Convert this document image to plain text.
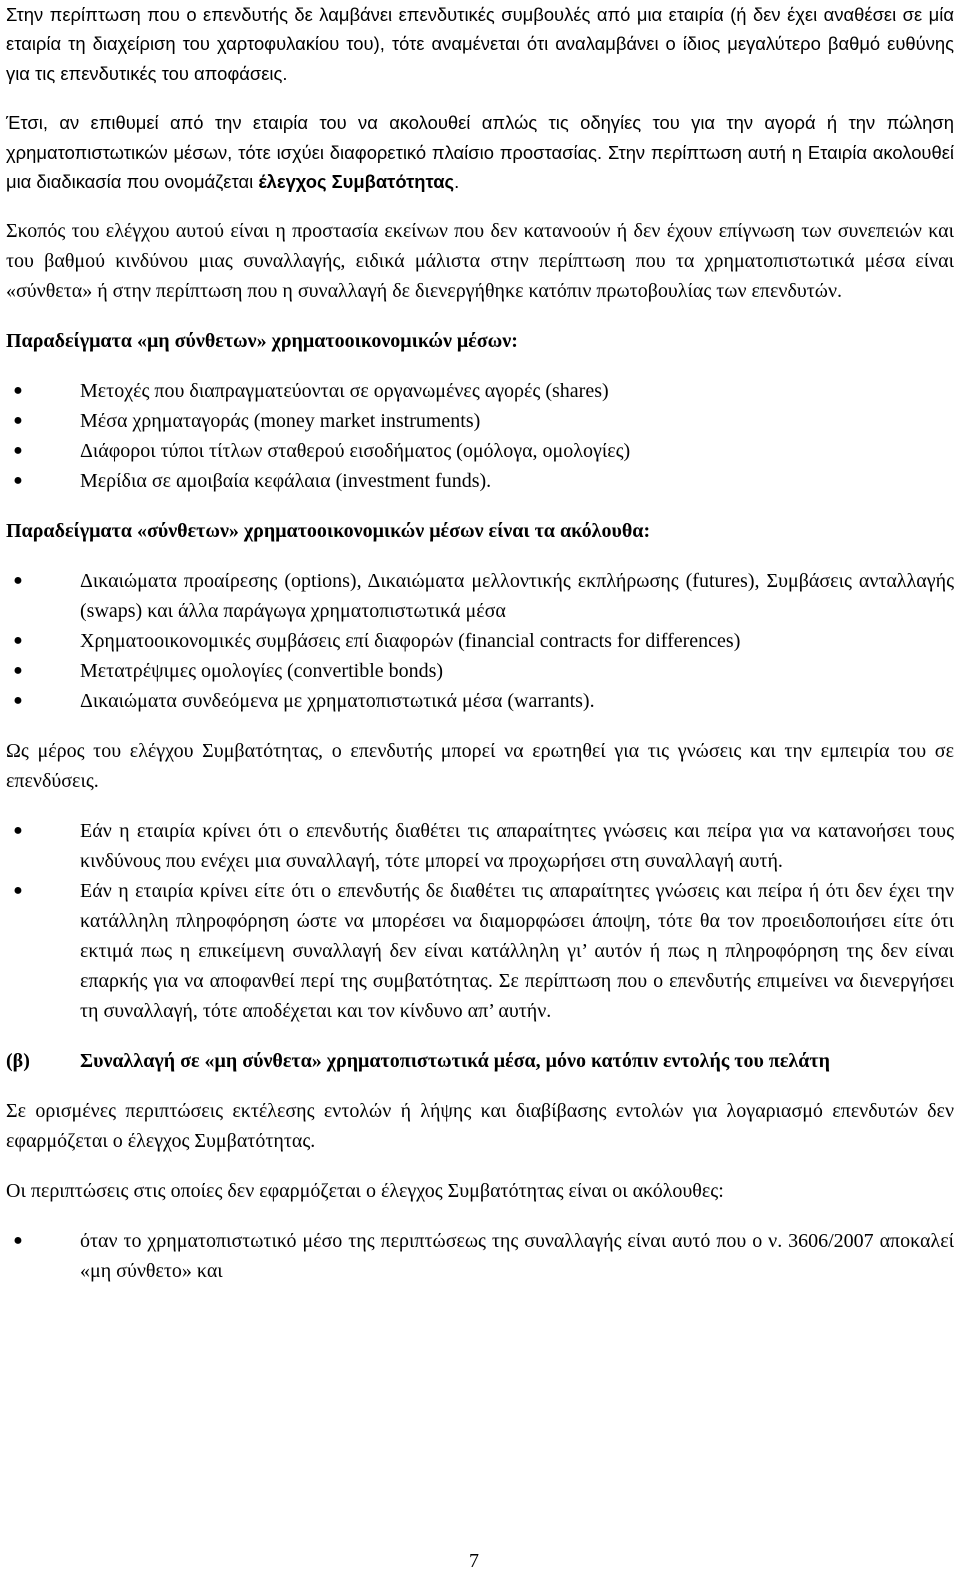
Στην περίπτωση που ο επενδυτής δε λαμβάνει επενδυτικές συμβουλές από μια εταιρία (ή δεν έχει αναθέσει σε μία εταιρία τη διαχείριση του χαρτοφυλακίου του), τότε αναμένεται ότι αναλαμβάνει ο ίδιος μεγαλύτερο βαθμό ευθύνης για τις επενδυτικές του αποφάσεις.

Έτσι, αν επιθυμεί από την εταιρία του να ακολουθεί απλώς τις οδηγίες του για την αγορά ή την πώληση χρηματοπιστωτικών μέσων, τότε ισχύει διαφορετικό πλαίσιο προστασίας. Στην περίπτωση αυτή η Εταιρία ακολουθεί μια διαδικασία που ονομάζεται έλεγχος Συμβατότητας.

Σκοπός του ελέγχου αυτού είναι η προστασία εκείνων που δεν κατανοούν ή δεν έχουν επίγνωση των συνεπειών και του βαθμού κινδύνου μιας συναλλαγής, ειδικά μάλιστα στην περίπτωση που τα χρηματοπιστωτικά μέσα είναι «σύνθετα» ή στην περίπτωση που η συναλλαγή δε διενεργήθηκε κατόπιν πρωτοβουλίας των επενδυτών.

Παραδείγματα «μη σύνθετων» χρηματοοικονομικών μέσων:

●	Μετοχές που διαπραγματεύονται σε οργανωμένες αγορές (shares)
●	Μέσα χρηματαγοράς (money market instruments)
●	Διάφοροι τύποι τίτλων σταθερού εισοδήματος (ομόλογα, ομολογίες)
●	Μερίδια σε αμοιβαία κεφάλαια (investment funds).

Παραδείγματα «σύνθετων» χρηματοοικονομικών μέσων είναι τα ακόλουθα:

●	Δικαιώματα προαίρεσης (options), Δικαιώματα μελλοντικής εκπλήρωσης (futures), Συμβάσεις ανταλλαγής (swaps) και άλλα παράγωγα χρηματοπιστωτικά μέσα
●	Χρηματοοικονομικές συμβάσεις επί διαφορών (financial contracts for differences)
●	Μετατρέψιμες ομολογίες (convertible bonds)
●	Δικαιώματα συνδεόμενα με χρηματοπιστωτικά μέσα (warrants).

Ως μέρος του ελέγχου Συμβατότητας, ο επενδυτής μπορεί να ερωτηθεί για τις γνώσεις και την εμπειρία του σε επενδύσεις.

●	Εάν η εταιρία κρίνει ότι ο επενδυτής διαθέτει τις απαραίτητες γνώσεις και πείρα για να κατανοήσει τους κινδύνους που ενέχει μια συναλλαγή, τότε μπορεί να προχωρήσει στη συναλλαγή αυτή.
●	Εάν η εταιρία κρίνει είτε ότι ο επενδυτής δε διαθέτει τις απαραίτητες γνώσεις και πείρα ή ότι δεν έχει την κατάλληλη πληροφόρηση ώστε να μπορέσει να διαμορφώσει άποψη, τότε θα τον προειδοποιήσει είτε ότι εκτιμά πως η επικείμενη συναλλαγή δεν είναι κατάλληλη γι’ αυτόν ή πως η πληροφόρηση της δεν είναι επαρκής για να αποφανθεί περί της συμβατότητας. Σε περίπτωση που ο επενδυτής επιμείνει να διενεργήσει τη συναλλαγή, τότε αποδέχεται και τον κίνδυνο απ’ αυτήν.
(β)	Συναλλαγή σε «μη σύνθετα» χρηματοπιστωτικά μέσα, μόνο κατόπιν εντολής του πελάτη

Σε ορισμένες περιπτώσεις εκτέλεσης εντολών ή λήψης και διαβίβασης εντολών για λογαριασμό επενδυτών δεν εφαρμόζεται ο έλεγχος Συμβατότητας.

Οι περιπτώσεις στις οποίες δεν εφαρμόζεται ο έλεγχος Συμβατότητας είναι οι ακόλουθες:

●	όταν το χρηματοπιστωτικό μέσο της περιπτώσεως της συναλλαγής είναι αυτό που ο ν. 3606/2007 αποκαλεί «μη σύνθετο» και
7
